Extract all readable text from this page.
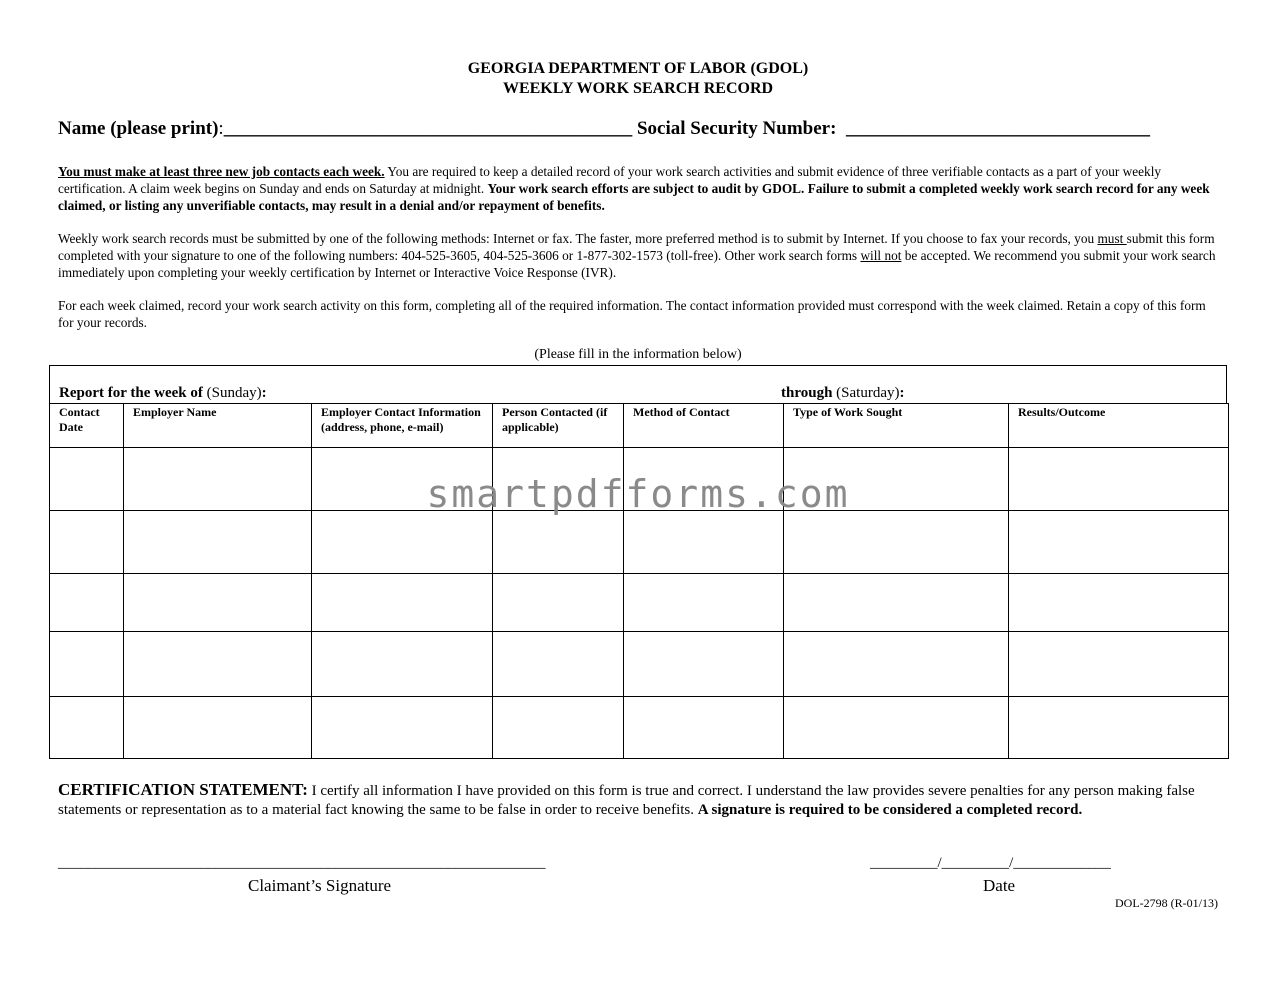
GEORGIA DEPARTMENT OF LABOR (GDOL)
WEEKLY WORK SEARCH RECORD
Name (please print):___________________________________________ Social Security Number: ________________________________
You must make at least three new job contacts each week. You are required to keep a detailed record of your work search activities and submit evidence of three verifiable contacts as a part of your weekly certification. A claim week begins on Sunday and ends on Saturday at midnight. Your work search efforts are subject to audit by GDOL. Failure to submit a completed weekly work search record for any week claimed, or listing any unverifiable contacts, may result in a denial and/or repayment of benefits.
Weekly work search records must be submitted by one of the following methods: Internet or fax. The faster, more preferred method is to submit by Internet. If you choose to fax your records, you must submit this form completed with your signature to one of the following numbers: 404-525-3605, 404-525-3606 or 1-877-302-1573 (toll-free). Other work search forms will not be accepted. We recommend you submit your work search immediately upon completing your weekly certification by Internet or Interactive Voice Response (IVR).
For each week claimed, record your work search activity on this form, completing all of the required information. The contact information provided must correspond with the week claimed. Retain a copy of this form for your records.
(Please fill in the information below)
Report for the week of (Sunday):	through (Saturday):
Contact Date	Employer Name	Employer Contact Information (address, phone, e-mail)	Person Contacted (if applicable)	Method of Contact	Type of Work Sought	Results/Outcome

smartpdfforms.com
CERTIFICATION STATEMENT: I certify all information I have provided on this form is true and correct. I understand the law provides severe penalties for any person making false statements or representation as to a material fact knowing the same to be false in order to receive benefits. A signature is required to be considered a completed record.
_________________________________________________________________
Claimant’s Signature
_________/_________/_____________
Date
DOL-2798 (R-01/13)
